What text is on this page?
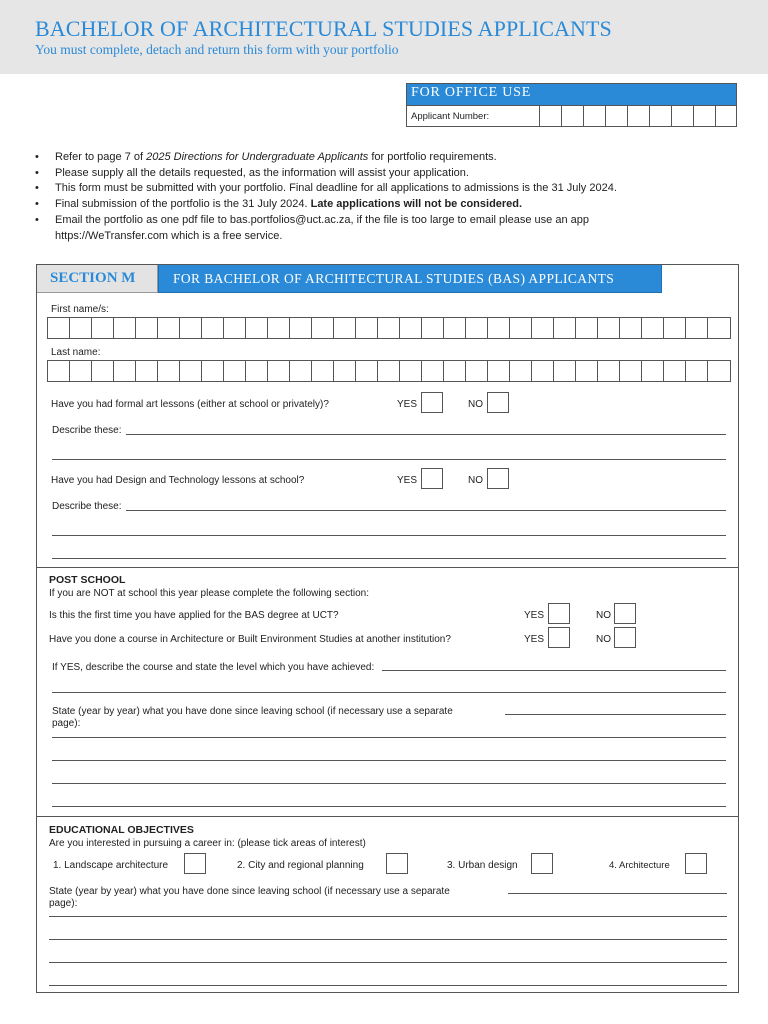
BACHELOR OF ARCHITECTURAL STUDIES APPLICANTS
You must complete, detach and return this form with your portfolio
FOR OFFICE USE
Applicant Number:
• Refer to page 7 of 2025 Directions for Undergraduate Applicants for portfolio requirements.
• Please supply all the details requested, as the information will assist your application.
• This form must be submitted with your portfolio. Final deadline for all applications to admissions is the 31 July 2024.
• Final submission of the portfolio is the 31 July 2024. Late applications will not be considered.
• Email the portfolio as one pdf file to bas.portfolios@uct.ac.za, if the file is too large to email please use an app
https://WeTransfer.com which is a free service.
SECTION M	FOR BACHELOR OF ARCHITECTURAL STUDIES (BAS) APPLICANTS
First name/s:
Last name:
Have you had formal art lessons (either at school or privately)?	YES	NO
Describe these:
Have you had Design and Technology lessons at school?	YES	NO
Describe these:
POST SCHOOL
If you are NOT at school this year please complete the following section:
Is this the first time you have applied for the BAS degree at UCT?	YES	NO
Have you done a course in Architecture or Built Environment Studies at another institution?	YES	NO
If YES, describe the course and state the level which you have achieved:
State (year by year) what you have done since leaving school (if necessary use a separate
page):
EDUCATIONAL OBJECTIVES
Are you interested in pursuing a career in: (please tick areas of interest)
1. Landscape architecture	2. City and regional planning	3. Urban design	4. Architecture
State (year by year) what you have done since leaving school (if necessary use a separate
page):
